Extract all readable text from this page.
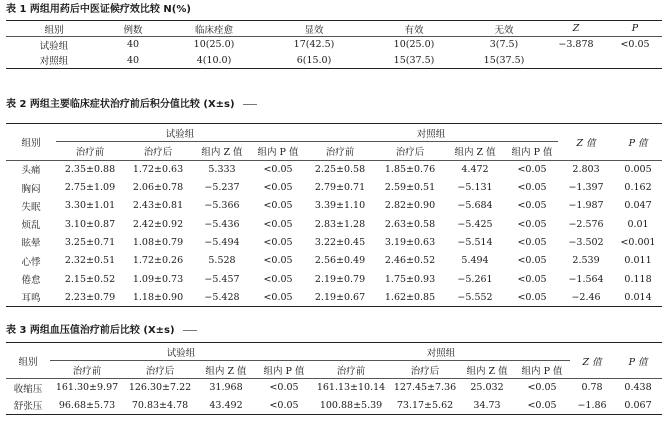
表 1 两组用药后中医证候疗效比较 N(%)
组别	例数	临床痊愈	显效	有效	无效	Z	P
试验组	40	10(25.0)	17(42.5)	10(25.0)	3(7.5)	−3.878	<0.05
对照组	40	4(10.0)	6(15.0)	15(37.5)	15(37.5)		
表 2 两组主要临床症状治疗前后积分值比较 (X±s)
组别	试验组				对照组				Z 值	P 值
	治疗前	治疗后	组内 Z 值	组内 P 值	治疗前	治疗后	组内 Z 值	组内 P 值		
头痛	2.35±0.88	1.72±0.63	5.333	<0.05	2.25±0.58	1.85±0.76	4.472	<0.05	2.803	0.005
胸闷	2.75±1.09	2.06±0.78	−5.237	<0.05	2.79±0.71	2.59±0.51	−5.131	<0.05	−1.397	0.162
失眠	3.30±1.01	2.43±0.81	−5.366	<0.05	3.39±1.10	2.82±0.90	−5.684	<0.05	−1.987	0.047
烦乱	3.10±0.87	2.42±0.92	−5.436	<0.05	2.83±1.28	2.63±0.58	−5.425	<0.05	−2.576	0.01
眩晕	3.25±0.71	1.08±0.79	−5.494	<0.05	3.22±0.45	3.19±0.63	−5.514	<0.05	−3.502	<0.001
心悸	2.32±0.51	1.72±0.26	5.528	<0.05	2.56±0.49	2.46±0.52	5.494	<0.05	2.539	0.011
倦怠	2.15±0.52	1.09±0.73	−5.457	<0.05	2.19±0.79	1.75±0.93	−5.261	<0.05	−1.564	0.118
耳鸣	2.23±0.79	1.18±0.90	−5.428	<0.05	2.19±0.67	1.62±0.85	−5.552	<0.05	−2.46	0.014
表 3 两组血压值治疗前后比较 (X±s)
组别	试验组				对照组				Z 值	P 值
	治疗前	治疗后	组内 Z 值	组内 P 值	治疗前	治疗后	组内 Z 值	组内 P 值		
收缩压	161.30±9.97	126.30±7.22	31.968	<0.05	161.13±10.14	127.45±7.36	25.032	<0.05	0.78	0.438
舒张压	96.68±5.73	70.83±4.78	43.492	<0.05	100.88±5.39	73.17±5.62	34.73	<0.05	−1.86	0.067
